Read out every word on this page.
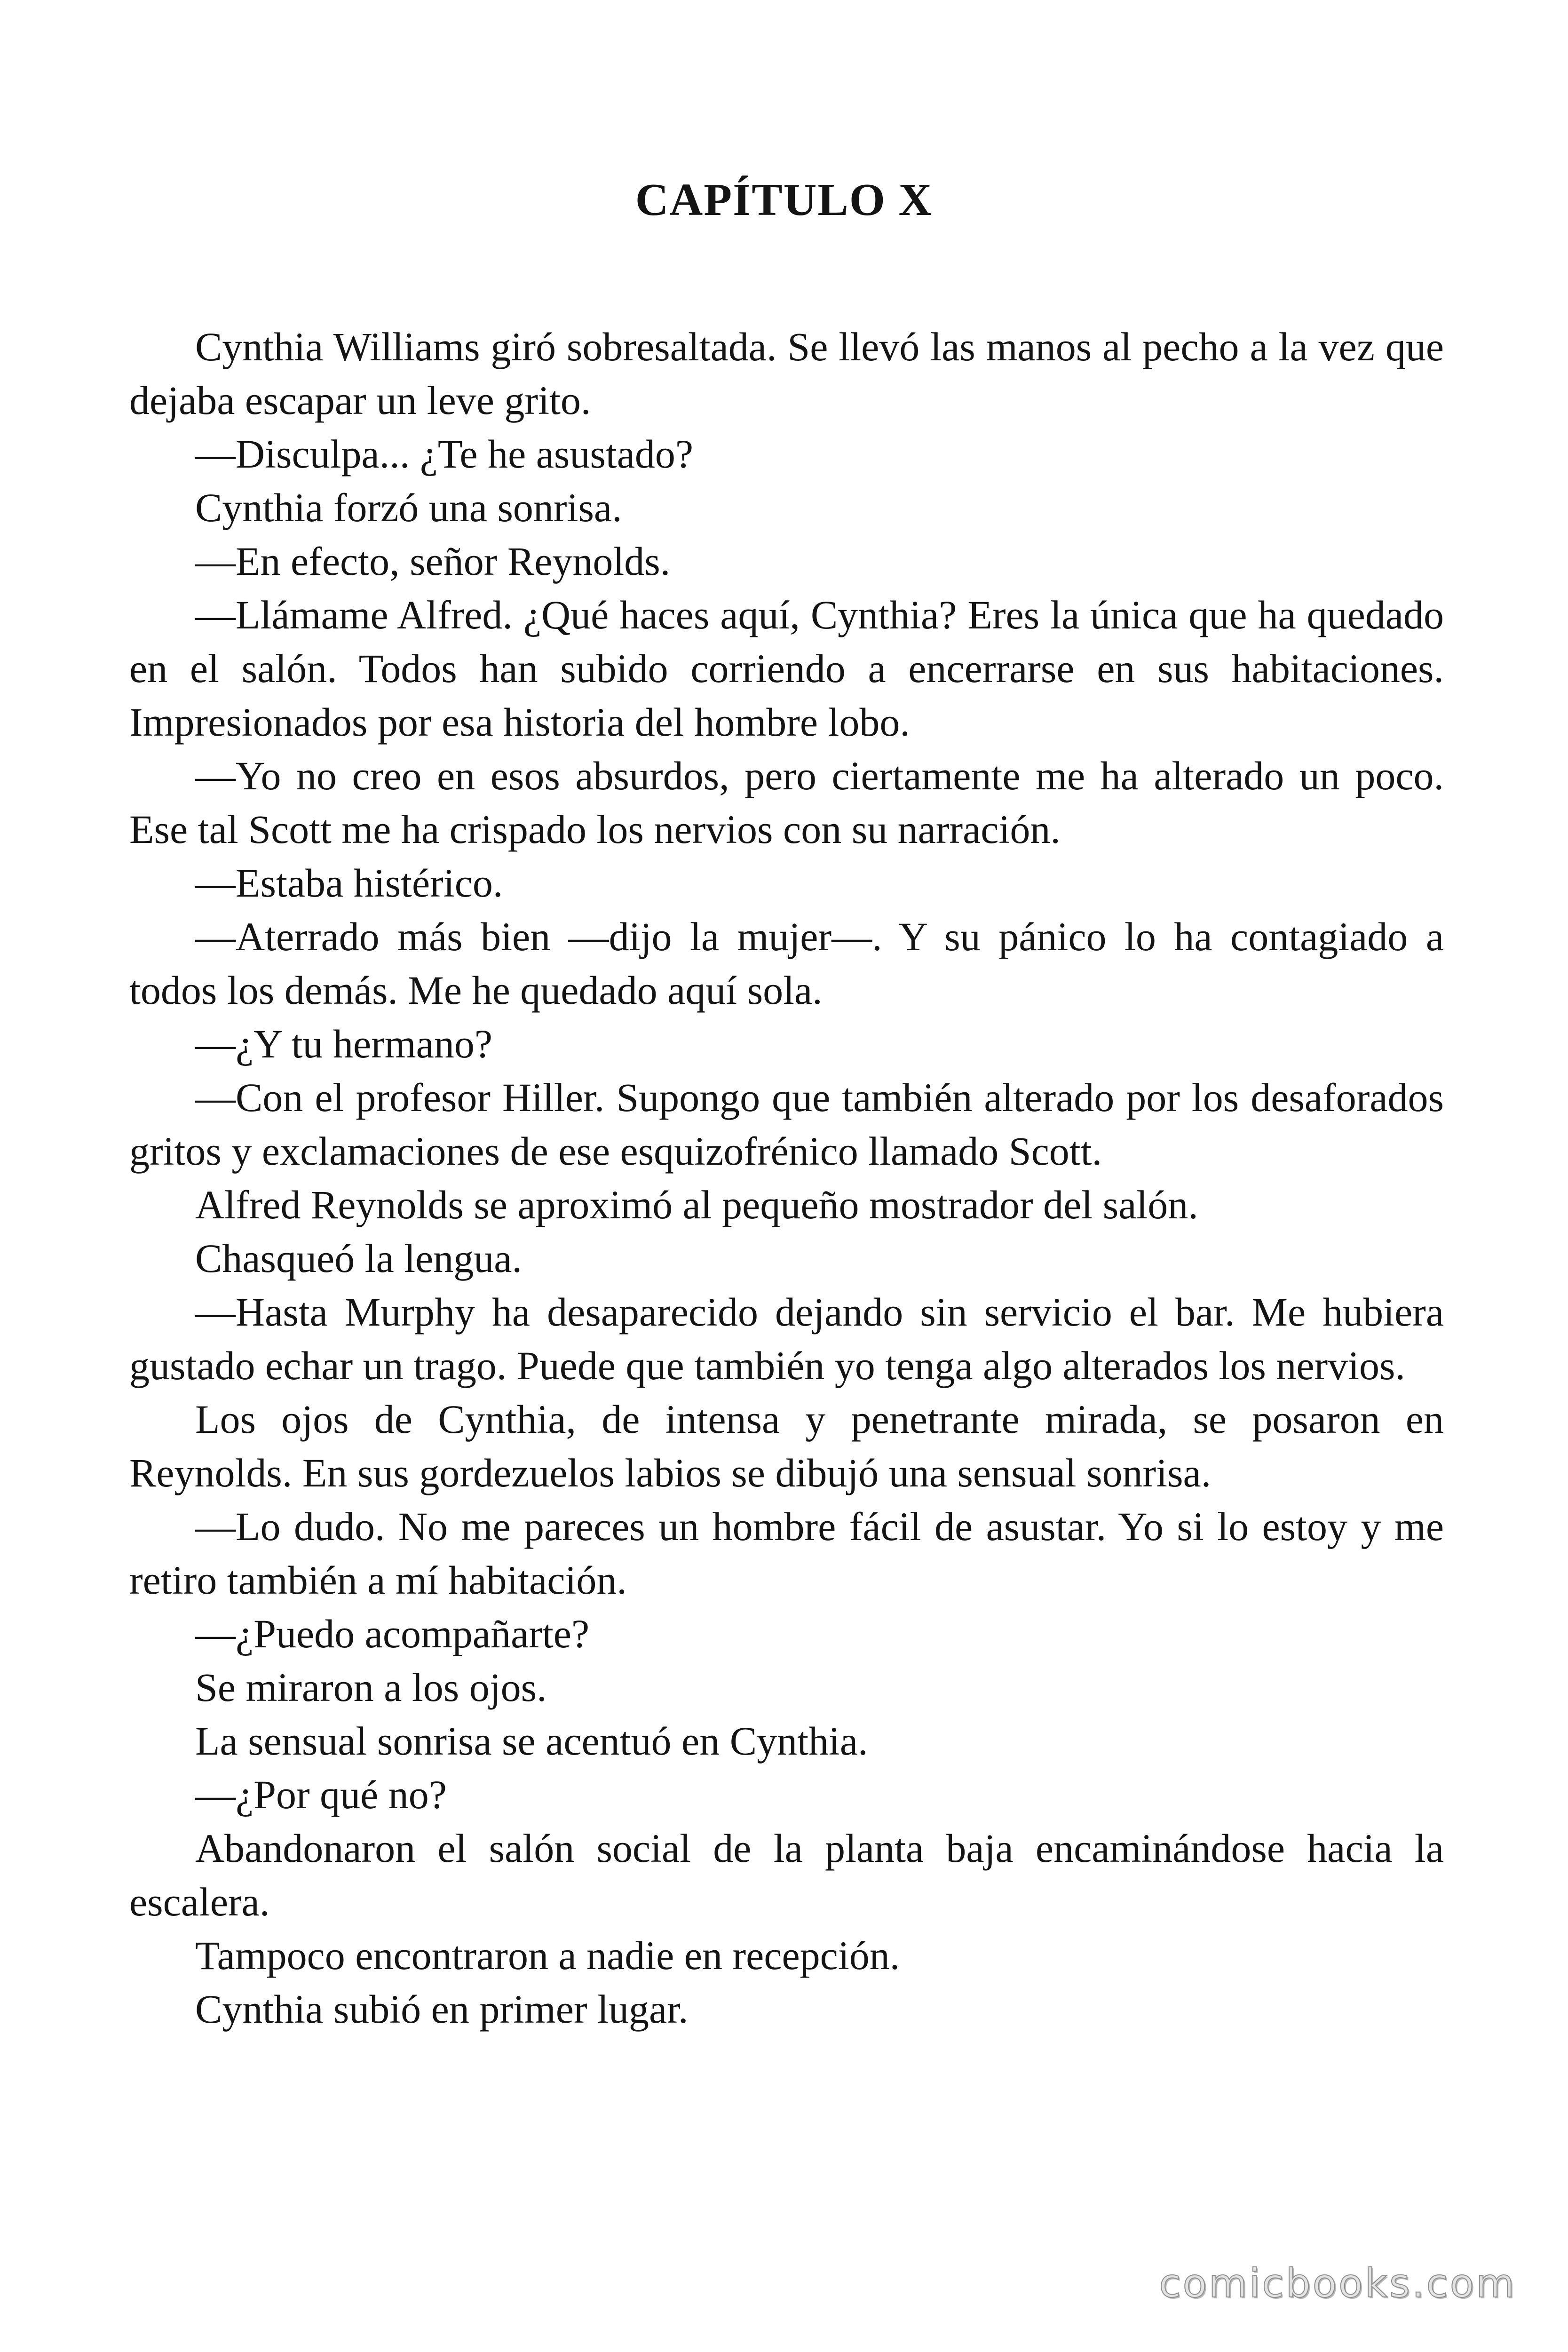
CAPÍTULO X

Cynthia Williams giró sobresaltada. Se llevó las manos al pecho a la vez que dejaba escapar un leve grito.

—Disculpa... ¿Te he asustado?

Cynthia forzó una sonrisa.

—En efecto, señor Reynolds.

—Llámame Alfred. ¿Qué haces aquí, Cynthia? Eres la única que ha quedado en el salón. Todos han subido corriendo a encerrarse en sus habitaciones. Impresionados por esa historia del hombre lobo.

—Yo no creo en esos absurdos, pero ciertamente me ha alterado un poco. Ese tal Scott me ha crispado los nervios con su narración.

—Estaba histérico.

—Aterrado más bien —dijo la mujer—. Y su pánico lo ha contagiado a todos los demás. Me he quedado aquí sola.

—¿Y tu hermano?

—Con el profesor Hiller. Supongo que también alterado por los desaforados gritos y exclamaciones de ese esquizofrénico llamado Scott.

Alfred Reynolds se aproximó al pequeño mostrador del salón.

Chasqueó la lengua.

—Hasta Murphy ha desaparecido dejando sin servicio el bar. Me hubiera gustado echar un trago. Puede que también yo tenga algo alterados los nervios.

Los ojos de Cynthia, de intensa y penetrante mirada, se posaron en Reynolds. En sus gordezuelos labios se dibujó una sensual sonrisa.

—Lo dudo. No me pareces un hombre fácil de asustar. Yo si lo estoy y me retiro también a mí habitación.

—¿Puedo acompañarte?

Se miraron a los ojos.

La sensual sonrisa se acentuó en Cynthia.

—¿Por qué no?

Abandonaron el salón social de la planta baja encaminándose hacia la escalera.

Tampoco encontraron a nadie en recepción.

Cynthia subió en primer lugar.

comicbooks.com
